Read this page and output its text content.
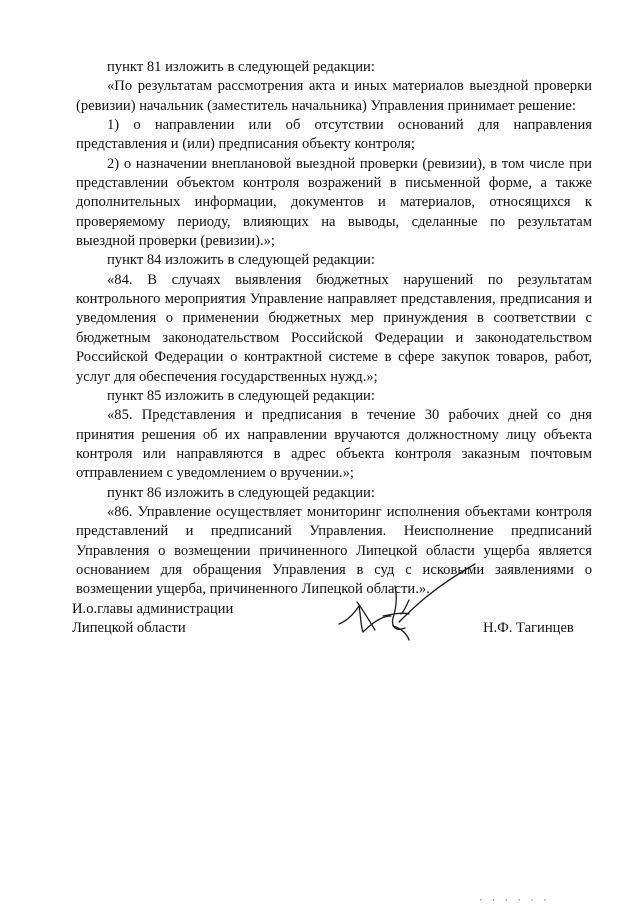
пункт 81 изложить в следующей редакции:

«По результатам рассмотрения акта и иных материалов выездной проверки (ревизии) начальник (заместитель начальника) Управления принимает решение:

1) о направлении или об отсутствии оснований для направления представления и (или) предписания объекту контроля;

2) о назначении внеплановой выездной проверки (ревизии), в том числе при представлении объектом контроля возражений в письменной форме, а также дополнительных информации, документов и материалов, относящихся к проверяемому периоду, влияющих на выводы, сделанные по результатам выездной проверки (ревизии).»;

пункт 84 изложить в следующей редакции:

«84. В случаях выявления бюджетных нарушений по результатам контрольного мероприятия Управление направляет представления, предписания и уведомления о применении бюджетных мер принуждения в соответствии с бюджетным законодательством Российской Федерации и законодательством Российской Федерации о контрактной системе в сфере закупок товаров, работ, услуг для обеспечения государственных нужд.»;

пункт 85 изложить в следующей редакции:

«85. Представления и предписания в течение 30 рабочих дней со дня принятия решения об их направлении вручаются должностному лицу объекта контроля или направляются в адрес объекта контроля заказным почтовым отправлением с уведомлением о вручении.»;

пункт 86 изложить в следующей редакции:

«86. Управление осуществляет мониторинг исполнения объектами контроля представлений и предписаний Управления. Неисполнение предписаний Управления о возмещении причиненного Липецкой области ущерба является основанием для обращения Управления в суд с исковыми заявлениями о возмещении ущерба, причиненного Липецкой области.».

И.о.главы администрации
Липецкой области	Н.Ф. Тагинцев
· · · · · ·
